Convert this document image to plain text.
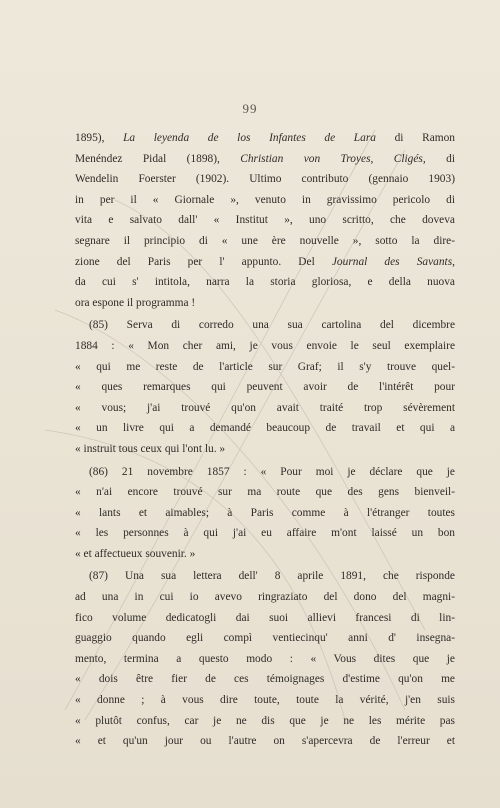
99
1895), La leyenda de los Infantes de Lara di Ramon
Menéndez Pidal (1898), Christian von Troyes, Cligés, di
Wendelin Foerster (1902). Ultimo contributo (gennaio 1903)
in per il « Giornale », venuto in gravissimo pericolo di
vita e salvato dall' « Institut », uno scritto, che doveva
segnare il principio di « une ère nouvelle », sotto la dire-
zione del Paris per l' appunto. Del Journal des Savants,
da cui s' intitola, narra la storia gloriosa, e della nuova
ora espone il programma !
(85) Serva di corredo una sua cartolina del dicembre
1884 : « Mon cher ami, je vous envoie le seul exemplaire
« qui me reste de l'article sur Graf; il s'y trouve quel-
« ques remarques qui peuvent avoir de l'intérêt pour
« vous; j'ai trouvé qu'on avait traité trop sévèrement
« un livre qui a demandé beaucoup de travail et qui a
« instruit tous ceux qui l'ont lu. »
(86) 21 novembre 1857 : « Pour moi je déclare que je
« n'ai encore trouvé sur ma route que des gens bienveil-
« lants et aimables; à Paris comme à l'étranger toutes
« les personnes à qui j'ai eu affaire m'ont laissé un bon
« et affectueux souvenir. »
(87) Una sua lettera dell' 8 aprile 1891, che risponde
ad una in cui io avevo ringraziato del dono del magni-
fico volume dedicatogli dai suoi allievi francesi di lin-
guaggio quando egli compì ventiecinqu' anni d' insegna-
mento, termina a questo modo : « Vous dites que je
« dois être fier de ces témoignages d'estime qu'on me
« donne ; à vous dire toute, toute la vérité, j'en suis
« plutôt confus, car je ne dis que je ne les mérite pas
« et qu'un jour ou l'autre on s'apercevra de l'erreur et
